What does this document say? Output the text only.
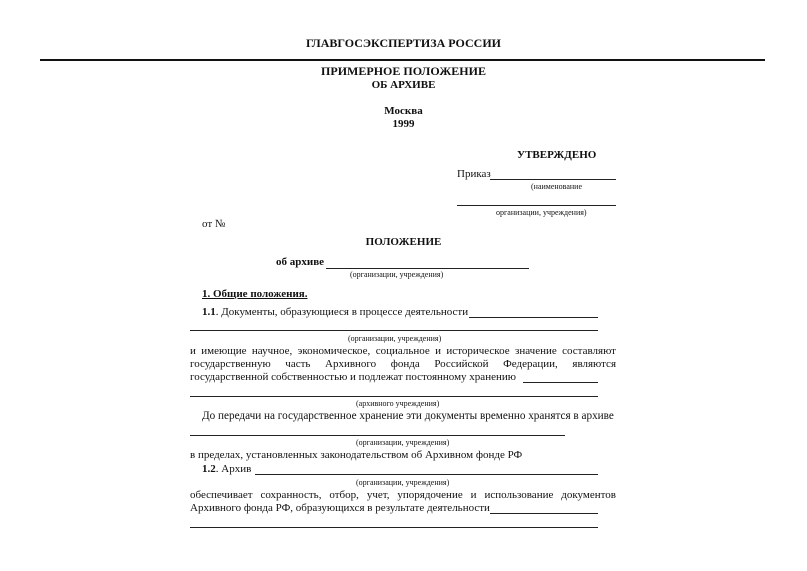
ГЛАВГОСЭКСПЕРТИЗА РОССИИ
ПРИМЕРНОЕ ПОЛОЖЕНИЕ
ОБ АРХИВЕ
Москва
1999
УТВЕРЖДЕНО
Приказ
(наименование
организации, учреждения)
от №
ПОЛОЖЕНИЕ
об архиве
(организации, учреждения)
1. Общие положения.
1.1. Документы, образующиеся в процессе деятельности
(организации, учреждения)
и имеющие научное, экономическое, социальное и историческое значение составляют
государственную часть Архивного фонда Российской Федерации, являются
государственной собственностью и подлежат постоянному хранению
(архивного учреждения)
До передачи на государственное хранение эти документы временно хранятся в архиве
(организации, учреждения)
в пределах, установленных законодательством об Архивном фонде РФ
1.2. Архив
(организации, учреждения)
обеспечивает сохранность, отбор, учет, упорядочение и использование документов
Архивного фонда РФ, образующихся в результате деятельности
